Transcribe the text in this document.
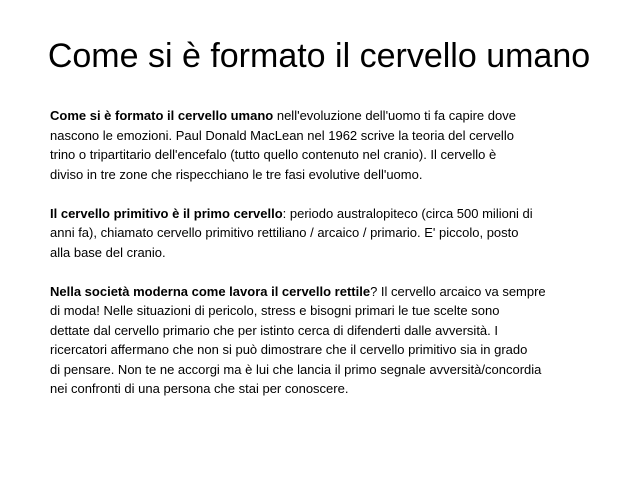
Come si è formato il cervello umano

Come si è formato il cervello umano nell'evoluzione dell'uomo ti fa capire dove
nascono le emozioni. Paul Donald MacLean nel 1962 scrive la teoria del cervello
trino o tripartitario dell'encefalo (tutto quello contenuto nel cranio). Il cervello è
diviso in tre zone che rispecchiano le tre fasi evolutive dell'uomo.

Il cervello primitivo è il primo cervello: periodo australopiteco (circa 500 milioni di
anni fa), chiamato cervello primitivo rettiliano / arcaico / primario. E' piccolo, posto
alla base del cranio.

Nella società moderna come lavora il cervello rettile? Il cervello arcaico va sempre
di moda! Nelle situazioni di pericolo, stress e bisogni primari le tue scelte sono
dettate dal cervello primario che per istinto cerca di difenderti dalle avversità. I
ricercatori affermano che non si può dimostrare che il cervello primitivo sia in grado
di pensare. Non te ne accorgi ma è lui che lancia il primo segnale avversità/concordia
nei confronti di una persona che stai per conoscere.
